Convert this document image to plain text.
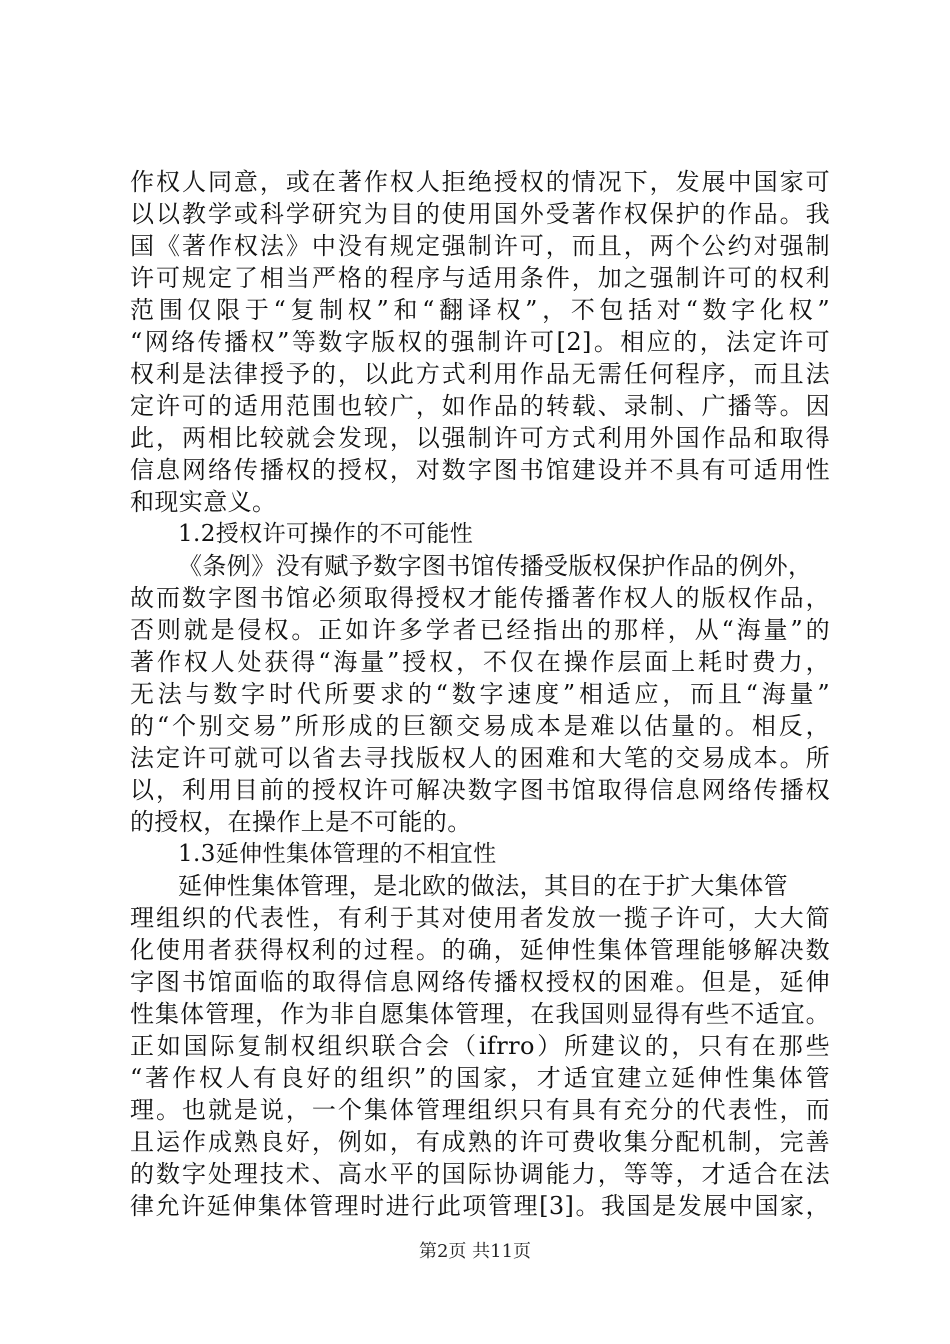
作权人同意，或在著作权人拒绝授权的情况下，发展中国家可
以以教学或科学研究为目的使用国外受著作权保护的作品。我
国《著作权法》中没有规定强制许可，而且，两个公约对强制
许可规定了相当严格的程序与适用条件，加之强制许可的权利
范围仅限于“复制权”和“翻译权”，不包括对“数字化权”
“网络传播权”等数字版权的强制许可[2]。相应的，法定许可
权利是法律授予的，以此方式利用作品无需任何程序，而且法
定许可的适用范围也较广，如作品的转载、录制、广播等。因
此，两相比较就会发现，以强制许可方式利用外国作品和取得
信息网络传播权的授权，对数字图书馆建设并不具有可适用性
和现实意义。
1.2授权许可操作的不可能性
《条例》没有赋予数字图书馆传播受版权保护作品的例外，
故而数字图书馆必须取得授权才能传播著作权人的版权作品，
否则就是侵权。正如许多学者已经指出的那样，从“海量”的
著作权人处获得“海量”授权，不仅在操作层面上耗时费力，
无法与数字时代所要求的“数字速度”相适应，而且“海量”
的“个别交易”所形成的巨额交易成本是难以估量的。相反，
法定许可就可以省去寻找版权人的困难和大笔的交易成本。所
以，利用目前的授权许可解决数字图书馆取得信息网络传播权
的授权，在操作上是不可能的。
1.3延伸性集体管理的不相宜性
延伸性集体管理，是北欧的做法，其目的在于扩大集体管
理组织的代表性，有利于其对使用者发放一揽子许可，大大简
化使用者获得权利的过程。的确，延伸性集体管理能够解决数
字图书馆面临的取得信息网络传播权授权的困难。但是，延伸
性集体管理，作为非自愿集体管理，在我国则显得有些不适宜。
正如国际复制权组织联合会（ifrro）所建议的，只有在那些
“著作权人有良好的组织”的国家，才适宜建立延伸性集体管
理。也就是说，一个集体管理组织只有具有充分的代表性，而
且运作成熟良好，例如，有成熟的许可费收集分配机制，完善
的数字处理技术、高水平的国际协调能力，等等，才适合在法
律允许延伸集体管理时进行此项管理[3]。我国是发展中国家，
第2页 共11页
